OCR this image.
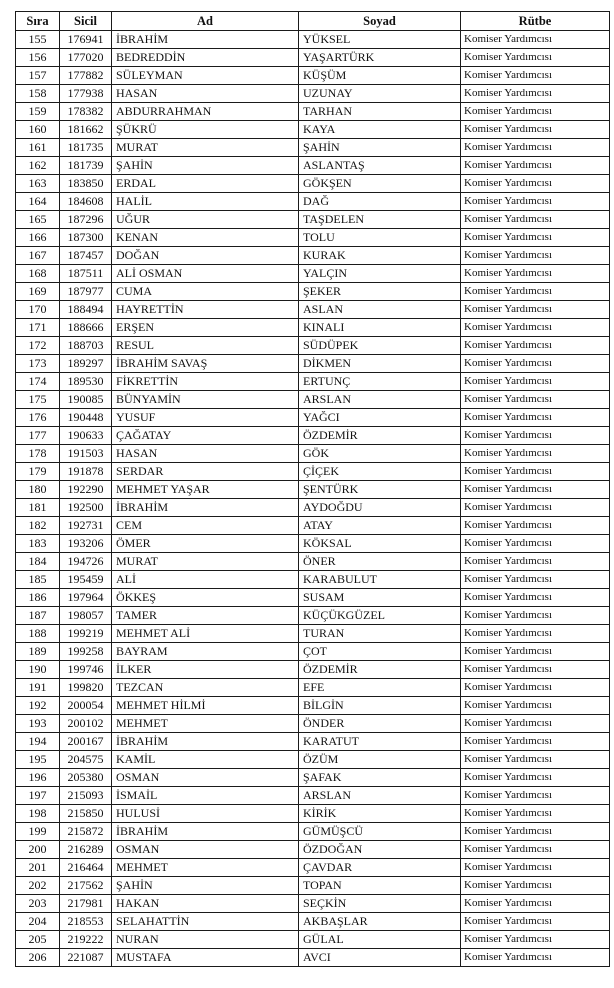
Sıra	Sicil	Ad	Soyad	Rütbe
155	176941	İBRAHİM	YÜKSEL	Komiser Yardımcısı
156	177020	BEDREDDİN	YAŞARTÜRK	Komiser Yardımcısı
157	177882	SÜLEYMAN	KÜŞÜM	Komiser Yardımcısı
158	177938	HASAN	UZUNAY	Komiser Yardımcısı
159	178382	ABDURRAHMAN	TARHAN	Komiser Yardımcısı
160	181662	ŞÜKRÜ	KAYA	Komiser Yardımcısı
161	181735	MURAT	ŞAHİN	Komiser Yardımcısı
162	181739	ŞAHİN	ASLANTAŞ	Komiser Yardımcısı
163	183850	ERDAL	GÖKŞEN	Komiser Yardımcısı
164	184608	HALİL	DAĞ	Komiser Yardımcısı
165	187296	UĞUR	TAŞDELEN	Komiser Yardımcısı
166	187300	KENAN	TOLU	Komiser Yardımcısı
167	187457	DOĞAN	KURAK	Komiser Yardımcısı
168	187511	ALİ OSMAN	YALÇIN	Komiser Yardımcısı
169	187977	CUMA	ŞEKER	Komiser Yardımcısı
170	188494	HAYRETTİN	ASLAN	Komiser Yardımcısı
171	188666	ERŞEN	KINALI	Komiser Yardımcısı
172	188703	RESUL	SÜDÜPEK	Komiser Yardımcısı
173	189297	İBRAHİM SAVAŞ	DİKMEN	Komiser Yardımcısı
174	189530	FİKRETTİN	ERTUNÇ	Komiser Yardımcısı
175	190085	BÜNYAMİN	ARSLAN	Komiser Yardımcısı
176	190448	YUSUF	YAĞCI	Komiser Yardımcısı
177	190633	ÇAĞATAY	ÖZDEMİR	Komiser Yardımcısı
178	191503	HASAN	GÖK	Komiser Yardımcısı
179	191878	SERDAR	ÇİÇEK	Komiser Yardımcısı
180	192290	MEHMET YAŞAR	ŞENTÜRK	Komiser Yardımcısı
181	192500	İBRAHİM	AYDOĞDU	Komiser Yardımcısı
182	192731	CEM	ATAY	Komiser Yardımcısı
183	193206	ÖMER	KÖKSAL	Komiser Yardımcısı
184	194726	MURAT	ÖNER	Komiser Yardımcısı
185	195459	ALİ	KARABULUT	Komiser Yardımcısı
186	197964	ÖKKEŞ	SUSAM	Komiser Yardımcısı
187	198057	TAMER	KÜÇÜKGÜZEL	Komiser Yardımcısı
188	199219	MEHMET ALİ	TURAN	Komiser Yardımcısı
189	199258	BAYRAM	ÇOT	Komiser Yardımcısı
190	199746	İLKER	ÖZDEMİR	Komiser Yardımcısı
191	199820	TEZCAN	EFE	Komiser Yardımcısı
192	200054	MEHMET HİLMİ	BİLGİN	Komiser Yardımcısı
193	200102	MEHMET	ÖNDER	Komiser Yardımcısı
194	200167	İBRAHİM	KARATUT	Komiser Yardımcısı
195	204575	KAMİL	ÖZÜM	Komiser Yardımcısı
196	205380	OSMAN	ŞAFAK	Komiser Yardımcısı
197	215093	İSMAİL	ARSLAN	Komiser Yardımcısı
198	215850	HULUSİ	KİRİK	Komiser Yardımcısı
199	215872	İBRAHİM	GÜMÜŞCÜ	Komiser Yardımcısı
200	216289	OSMAN	ÖZDOĞAN	Komiser Yardımcısı
201	216464	MEHMET	ÇAVDAR	Komiser Yardımcısı
202	217562	ŞAHİN	TOPAN	Komiser Yardımcısı
203	217981	HAKAN	SEÇKİN	Komiser Yardımcısı
204	218553	SELAHATTİN	AKBAŞLAR	Komiser Yardımcısı
205	219222	NURAN	GÜLAL	Komiser Yardımcısı
206	221087	MUSTAFA	AVCI	Komiser Yardımcısı
